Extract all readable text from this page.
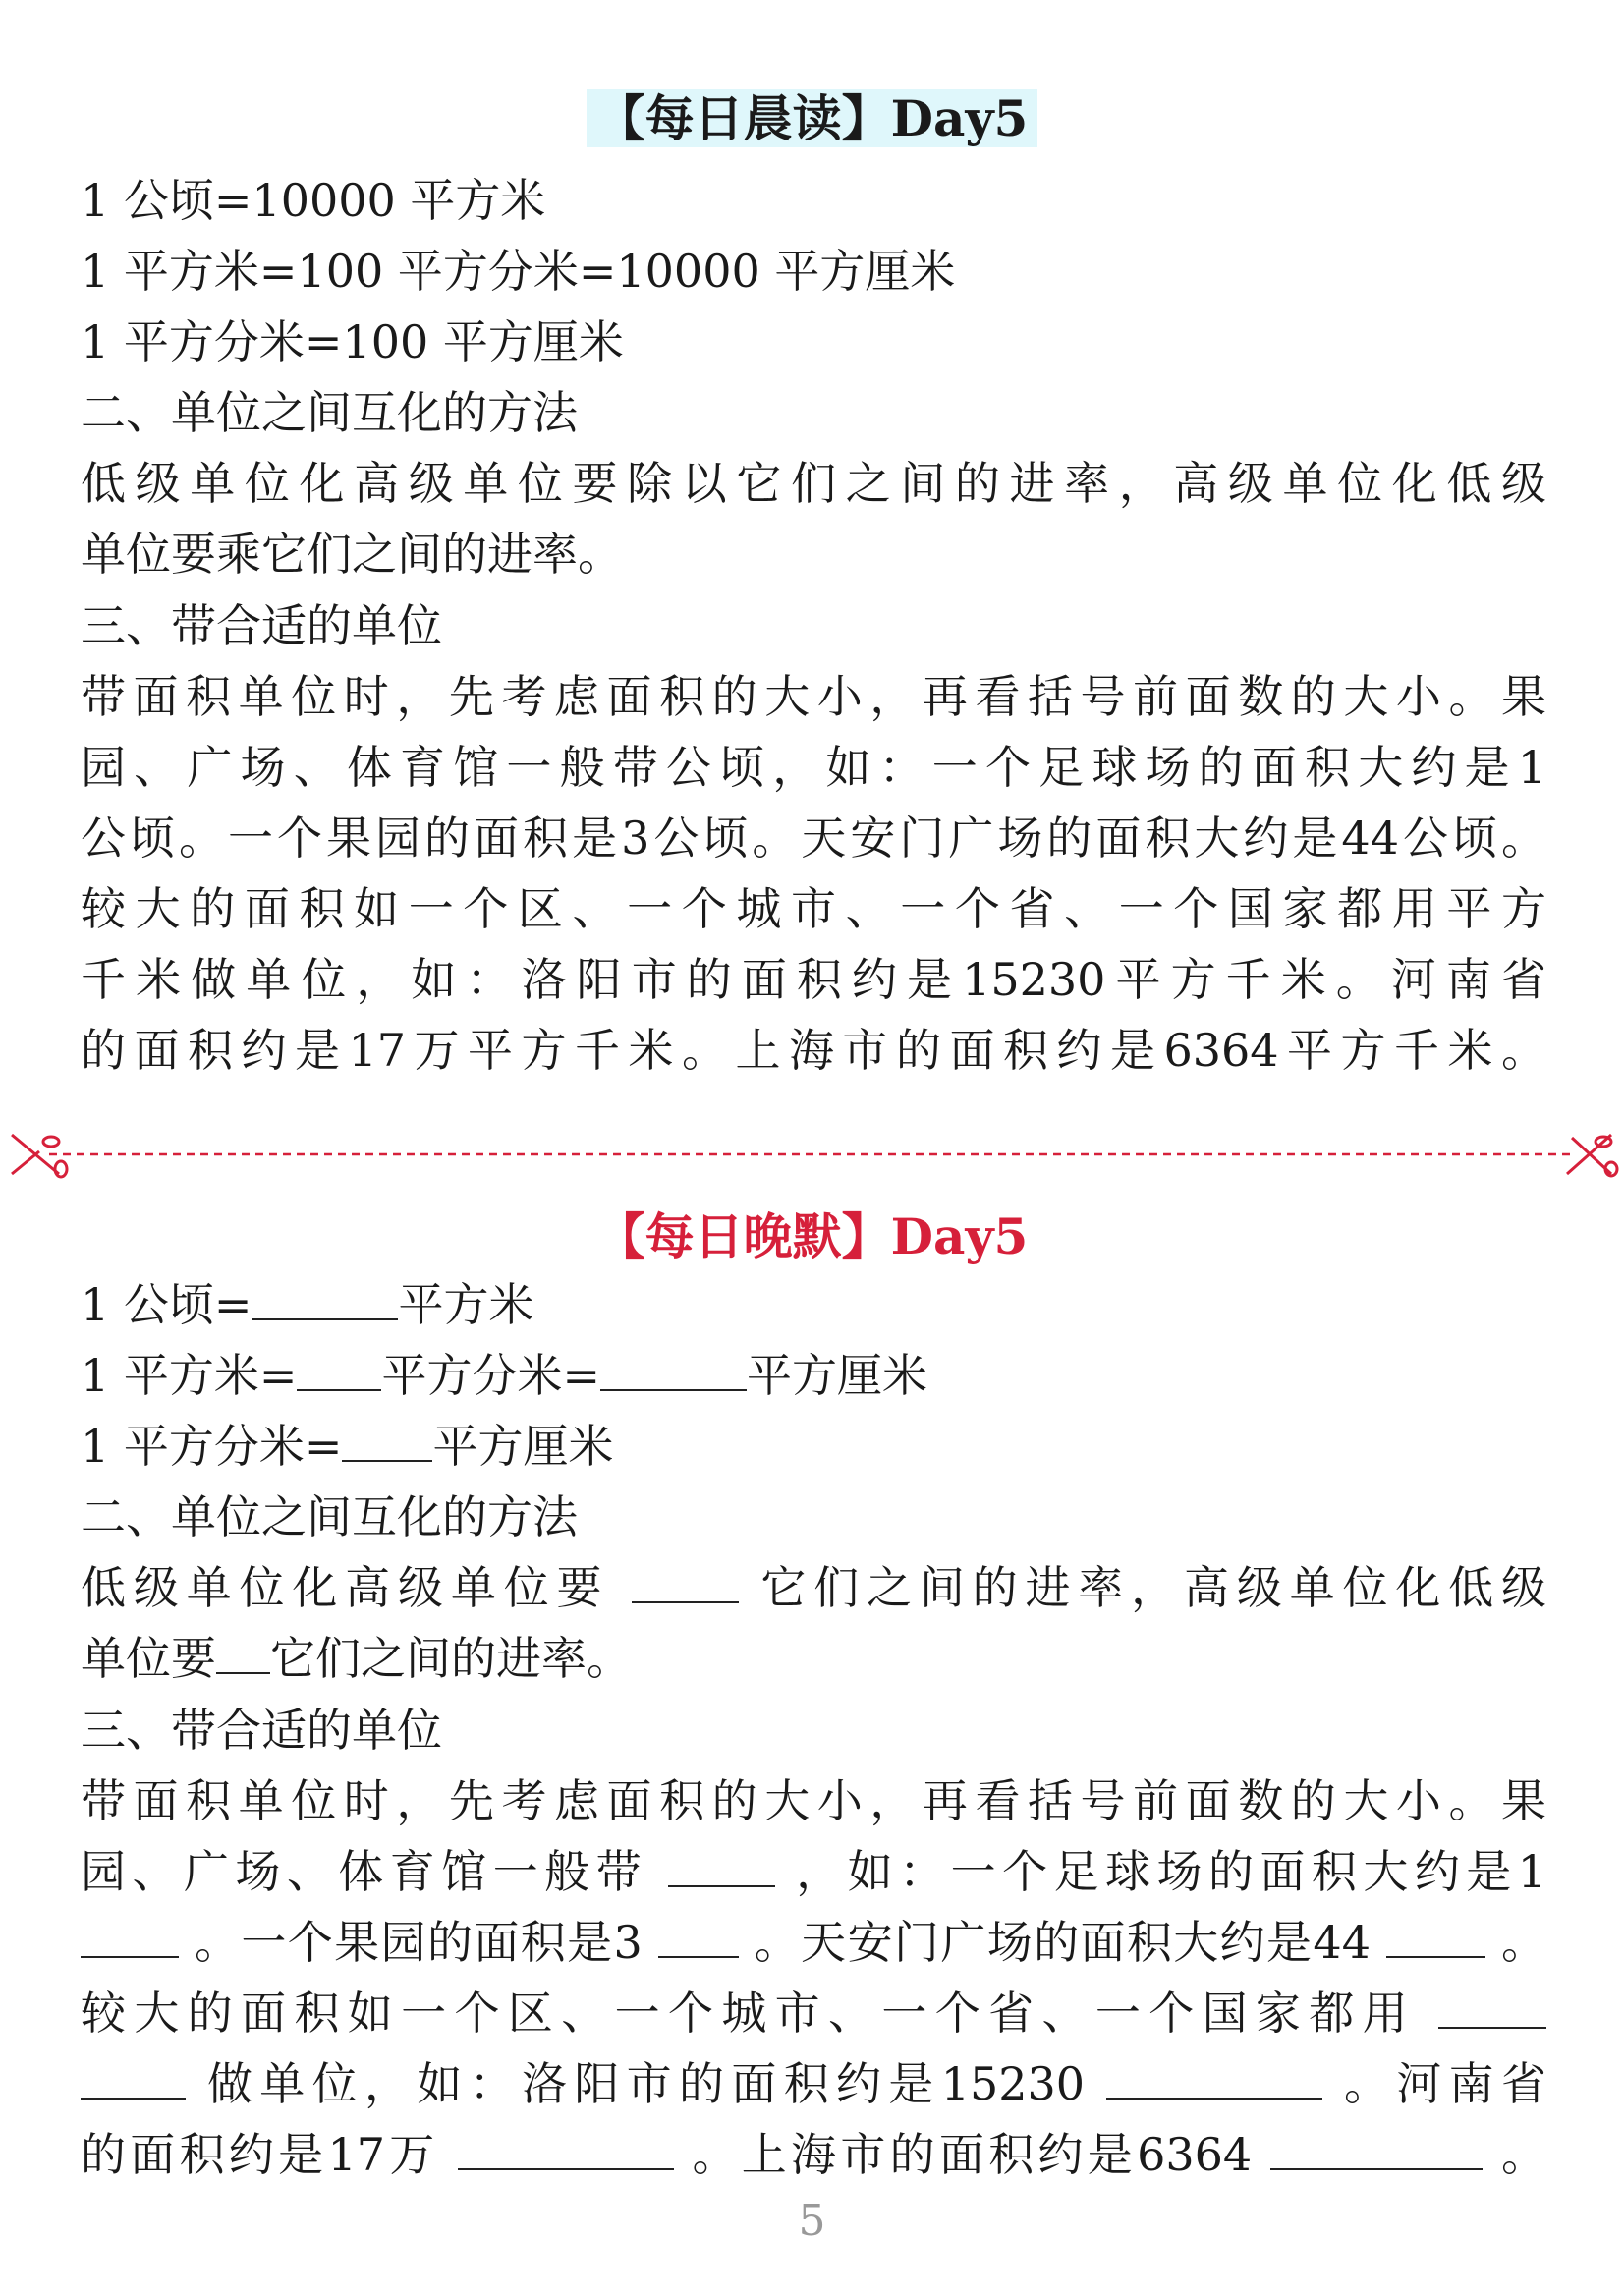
【每日晨读】Day5
1 公顷=10000 平方米
1 平方米=100 平方分米=10000 平方厘米
1 平方分米=100 平方厘米
二、单位之间互化的方法
低级单位化高级单位要除以它们之间的进率，高级单位化低级
单位要乘它们之间的进率。
三、带合适的单位
带面积单位时，先考虑面积的大小，再看括号前面数的大小。果
园、广场、体育馆一般带公顷，如：一个足球场的面积大约是1
公顷。一个果园的面积是3公顷。天安门广场的面积大约是44公顷。
较大的面积如一个区、一个城市、一个省、一个国家都用平方
千米做单位，如：洛阳市的面积约是15230平方千米。河南省
的面积约是17万平方千米。上海市的面积约是6364平方千米。
【每日晚默】Day5
1 公顷=	平方米
1 平方米= 平方分米=	平方厘米
1 平方分米= 平方厘米
二、单位之间互化的方法
低级单位化高级单位要	它们之间的进率，高级单位化低级
单位要 它们之间的进率。
三、带合适的单位
带面积单位时，先考虑面积的大小，再看括号前面数的大小。果
园、广场、体育馆一般带	，如：一个足球场的面积大约是1
。一个果园的面积是3 。天安门广场的面积大约是44	。
较大的面积如一个区、一个城市、一个省、一个国家都用
做单位，如：洛阳市的面积约是15230	。河南省
的面积约是17万	。上海市的面积约是6364	。
5
